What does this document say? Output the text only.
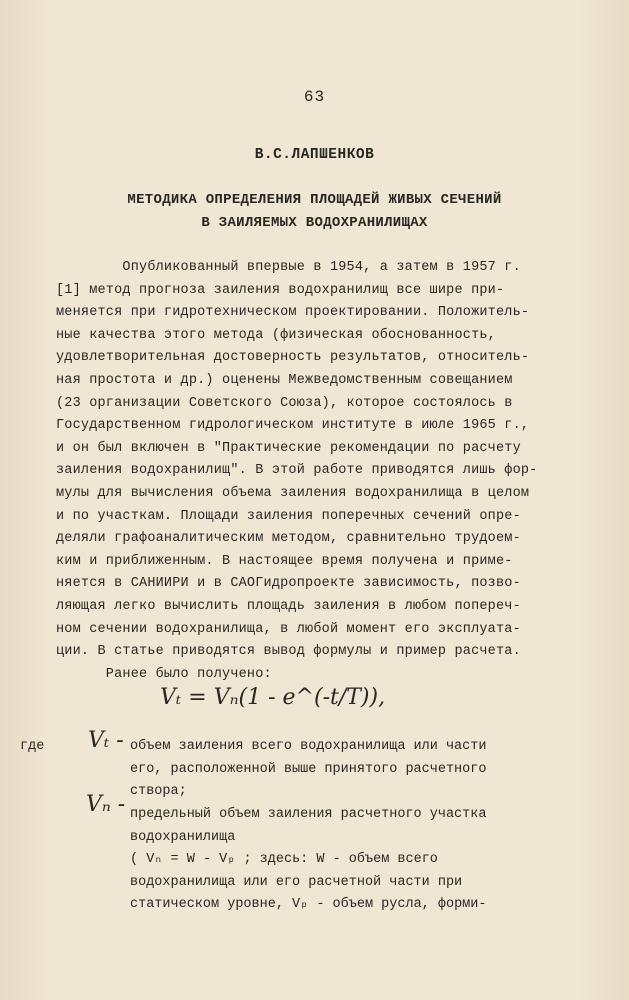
63
В.С.ЛАПШЕНКОВ
МЕТОДИКА ОПРЕДЕЛЕНИЯ ПЛОЩАДЕЙ ЖИВЫХ СЕЧЕНИЙ
В ЗАИЛЯЕМЫХ ВОДОХРАНИЛИЩАХ
Опубликованный впервые в 1954, а затем в 1957 г.
[1] метод прогноза заиления водохранилищ все шире при-
меняется при гидротехническом проектировании. Положитель-
ные качества этого метода (физическая обоснованность,
удовлетворительная достоверность результатов, относитель-
ная простота и др.) оценены Межведомственным совещанием
(23 организации Советского Союза), которое состоялось в
Государственном гидрологическом институте в июле 1965 г.,
и он был включен в "Практические рекомендации по расчету
заиления водохранилищ". В этой работе приводятся лишь фор-
мулы для вычисления объема заиления водохранилища в целом
и по участкам. Площади заиления поперечных сечений опре-
деляли графоаналитическим методом, сравнительно трудоем-
ким и приближенным. В настоящее время получена и приме-
няется в САНИИРИ и в САОГидропроекте зависимость, позво-
ляющая легко вычислить площадь заиления в любом попереч-
ном сечении водохранилища, в любой момент его эксплуата-
ции. В статье приводятся вывод формулы и пример расчета.
Ранее было получено:
Vₜ = Vₙ(1 - e^(-t/T)),
где Vₜ - объем заиления всего водохранилища или части
его, расположенной выше принятого расчетного
створа;
Vₙ - предельный объем заиления расчетного участка
водохранилища
( Vₙ = W - Vₚ ; здесь: W - объем всего
водохранилища или его расчетной части при
статическом уровне, Vₚ - объем русла, форми-
